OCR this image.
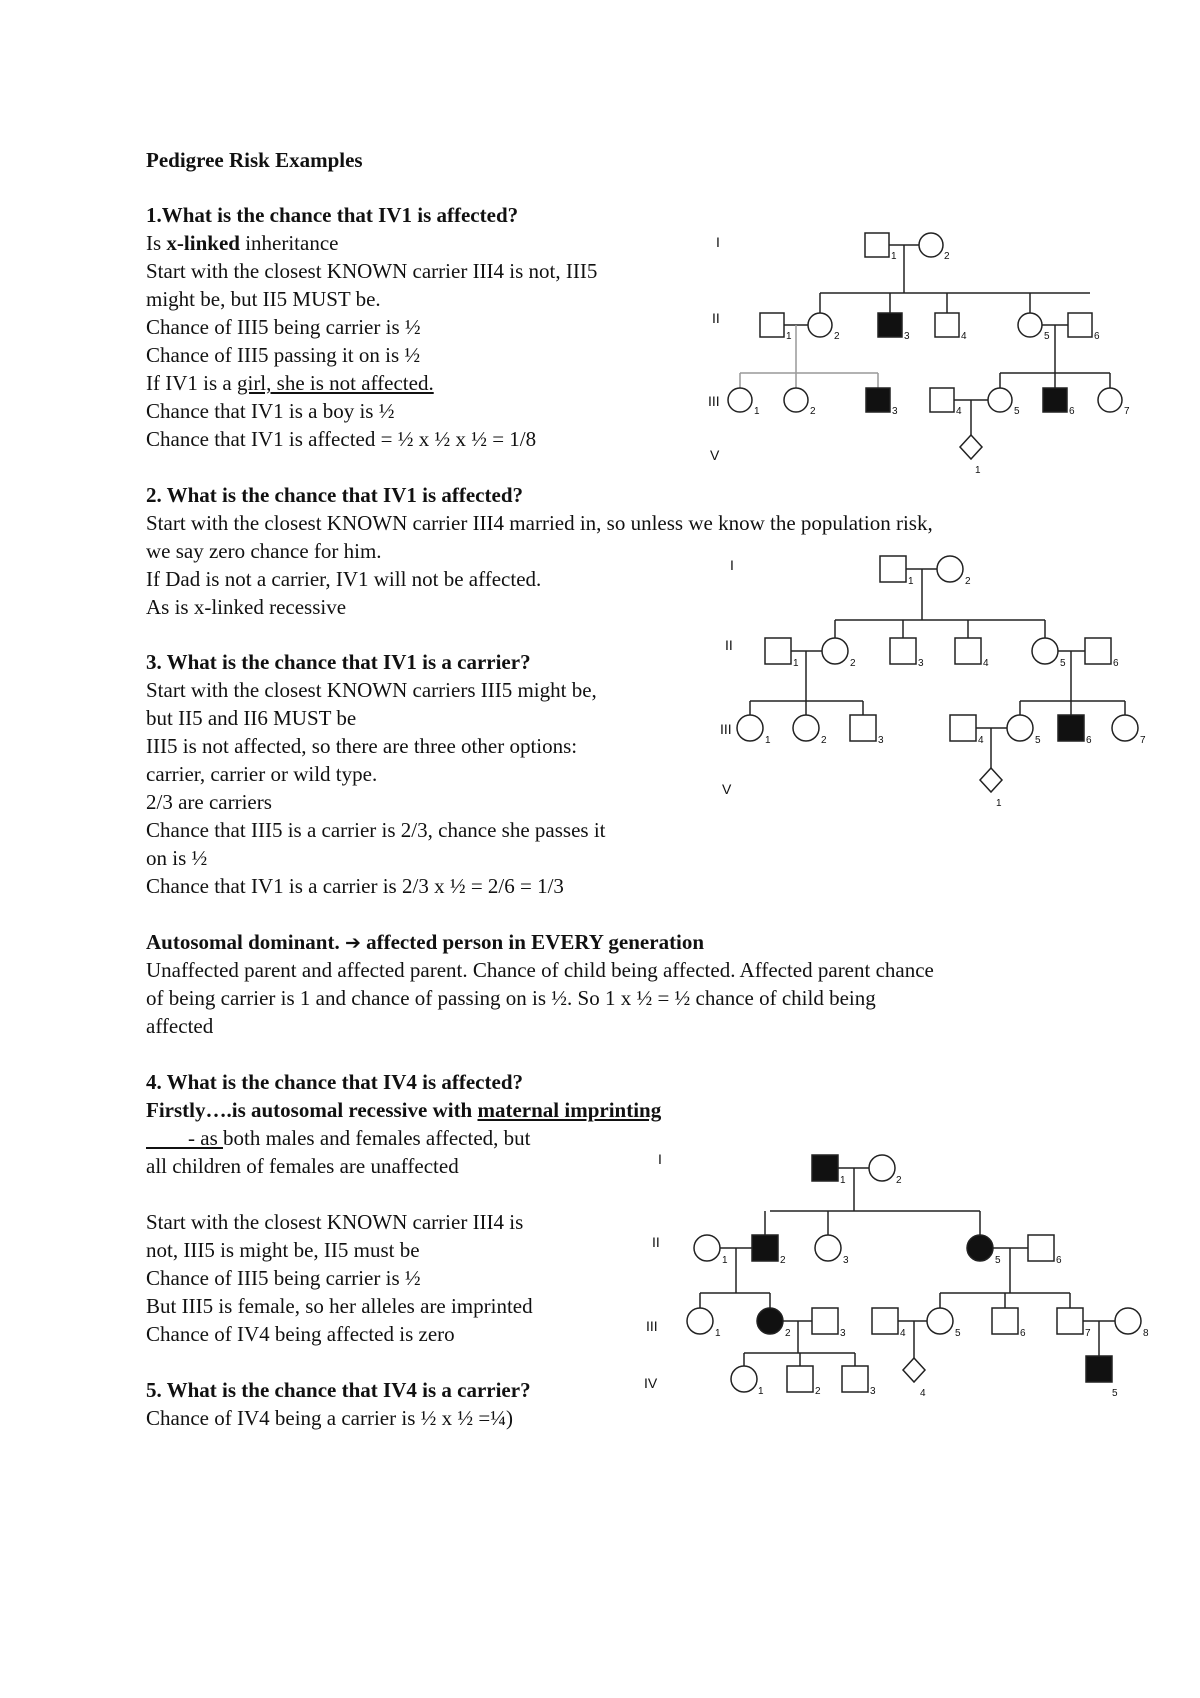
Pedigree Risk Examples
1.What is the chance that IV1 is affected?
Is x-linked inheritance
Start with the closest KNOWN carrier III4 is not, III5
might be, but II5 MUST be.
Chance of III5 being carrier is ½
Chance of III5 passing it on is ½
If IV1 is a girl, she is not affected.
Chance that IV1 is a boy is ½
Chance that IV1 is affected = ½ x ½ x ½ = 1/8
2. What is the chance that IV1 is affected?
Start with the closest KNOWN carrier III4 married in, so unless we know the population risk,
we say zero chance for him.
If Dad is not a carrier, IV1 will not be affected.
As is x-linked recessive
3. What is the chance that IV1 is a carrier?
Start with the closest KNOWN carriers III5 might be,
but II5 and II6 MUST be
III5 is not affected, so there are three other options:
carrier, carrier or wild type.
2/3 are carriers
Chance that III5 is a carrier is 2/3, chance she passes it
on is ½
Chance that IV1 is a carrier is 2/3 x ½ = 2/6 = 1/3
Autosomal dominant. ➔ affected person in EVERY generation
Unaffected parent and affected parent. Chance of child being affected. Affected parent chance
of being carrier is 1 and chance of passing on is ½. So 1 x ½ = ½ chance of child being
affected
4. What is the chance that IV4 is affected?
Firstly….is autosomal recessive with maternal imprinting
- as both males and females affected, but
all children of females are unaffected
Start with the closest KNOWN carrier III4 is
not, III5 is might be, II5 must be
Chance of III5 being carrier is ½
But III5 is female, so her alleles are imprinted
Chance of IV4 being affected is zero
5. What is the chance that IV4 is a carrier?
Chance of IV4 being a carrier is ½ x ½ =¼)
I
II
III
V
1	2
1	2	3	4	5	6
1	2	3	4	5	6	7
1
I
II
III
V
1	2
1	2	3	4	5	6
1	2	3	4	5	6	7
1
I
II
III
IV
1	2
1	2	3	5	6
1	2	3
1	2	3
4	5	6	7	8
4	5
